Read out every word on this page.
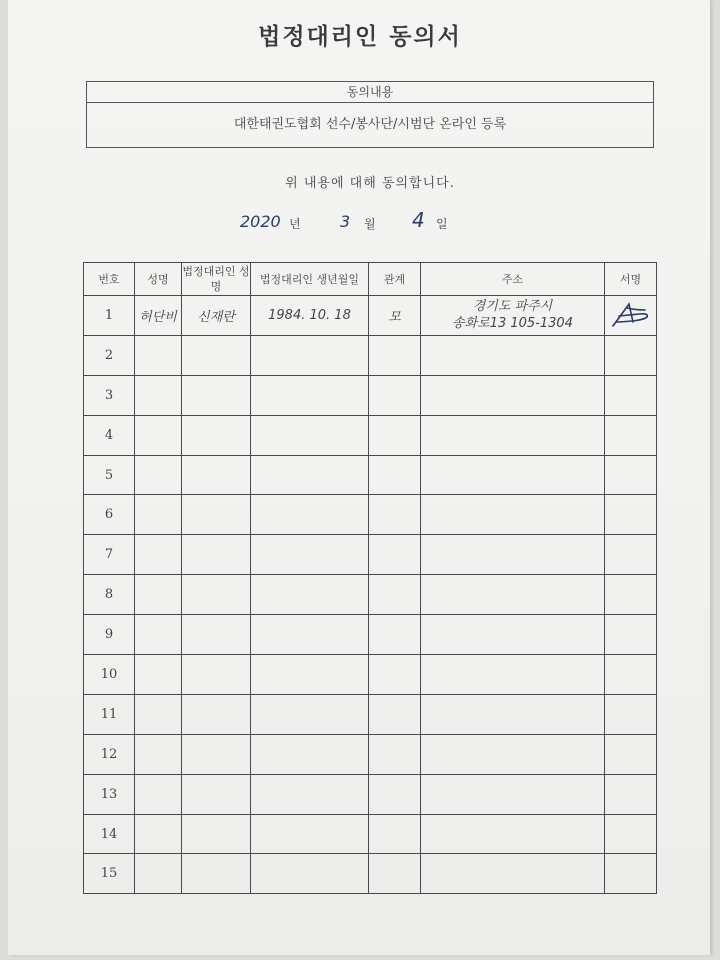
법정대리인 동의서
동의내용
대한태권도협회 선수/봉사단/시범단 온라인 등록
위 내용에 대해 동의합니다.
2020 년 3 월 4 일
번호	성명	법정대리인 성명	법정대리인 생년월일	관계	주소	서명
1	허단비	신재란	1984. 10. 18	모	경기도 파주시
송화로13 105-1304

2						
3						
4						
5						
6						
7						
8						
9						
10						
11						
12						
13						
14						
15						
